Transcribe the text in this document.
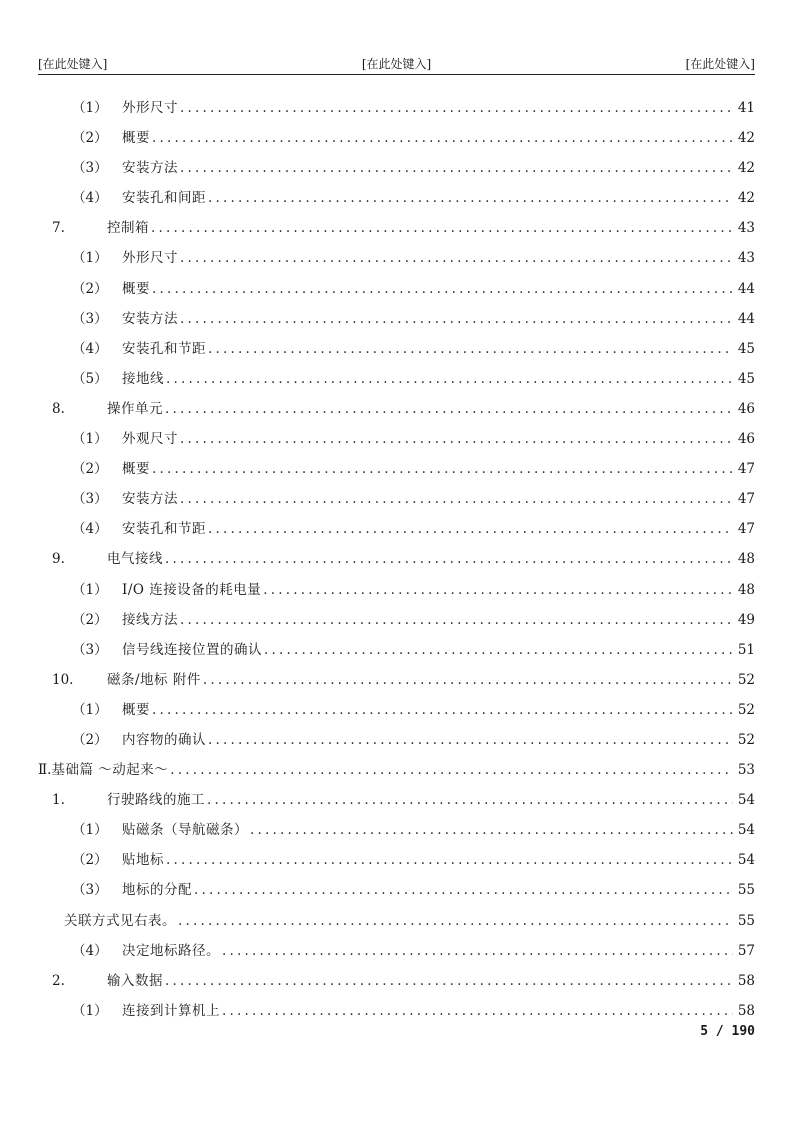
[在此处键入]	[在此处键入]	[在此处键入]
（1）	外形尺寸 .....	41
（2）	概要 .....	42
（3）	安装方法 .....	42
（4）	安装孔和间距 .....	42
7.	控制箱 .....	43
（1）	外形尺寸 .....	43
（2）	概要 .....	44
（3）	安装方法 .....	44
（4）	安装孔和节距 .....	45
（5）	接地线 .....	45
8.	操作单元 .....	46
（1）	外观尺寸 .....	46
（2）	概要 .....	47
（3）	安装方法 .....	47
（4）	安装孔和节距 .....	47
9.	电气接线 .....	48
（1）	I/O 连接设备的耗电量 .....	48
（2）	接线方法 .....	49
（3）	信号线连接位置的确认 .....	51
10.	磁条/地标 附件 .....	52
（1）	概要 .....	52
（2）	内容物的确认 .....	52
Ⅱ. 基础篇 ～动起来～ .....	53
1.	行驶路线的施工 .....	54
（1）	贴磁条（导航磁条） .....	54
（2）	贴地标 .....	54
（3）	地标的分配 .....	55
关联方式见右表。 .....	55
（4）	决定地标路径。 .....	57
2.	输入数据 .....	58
（1）	连接到计算机上 .....	58
5 / 190
